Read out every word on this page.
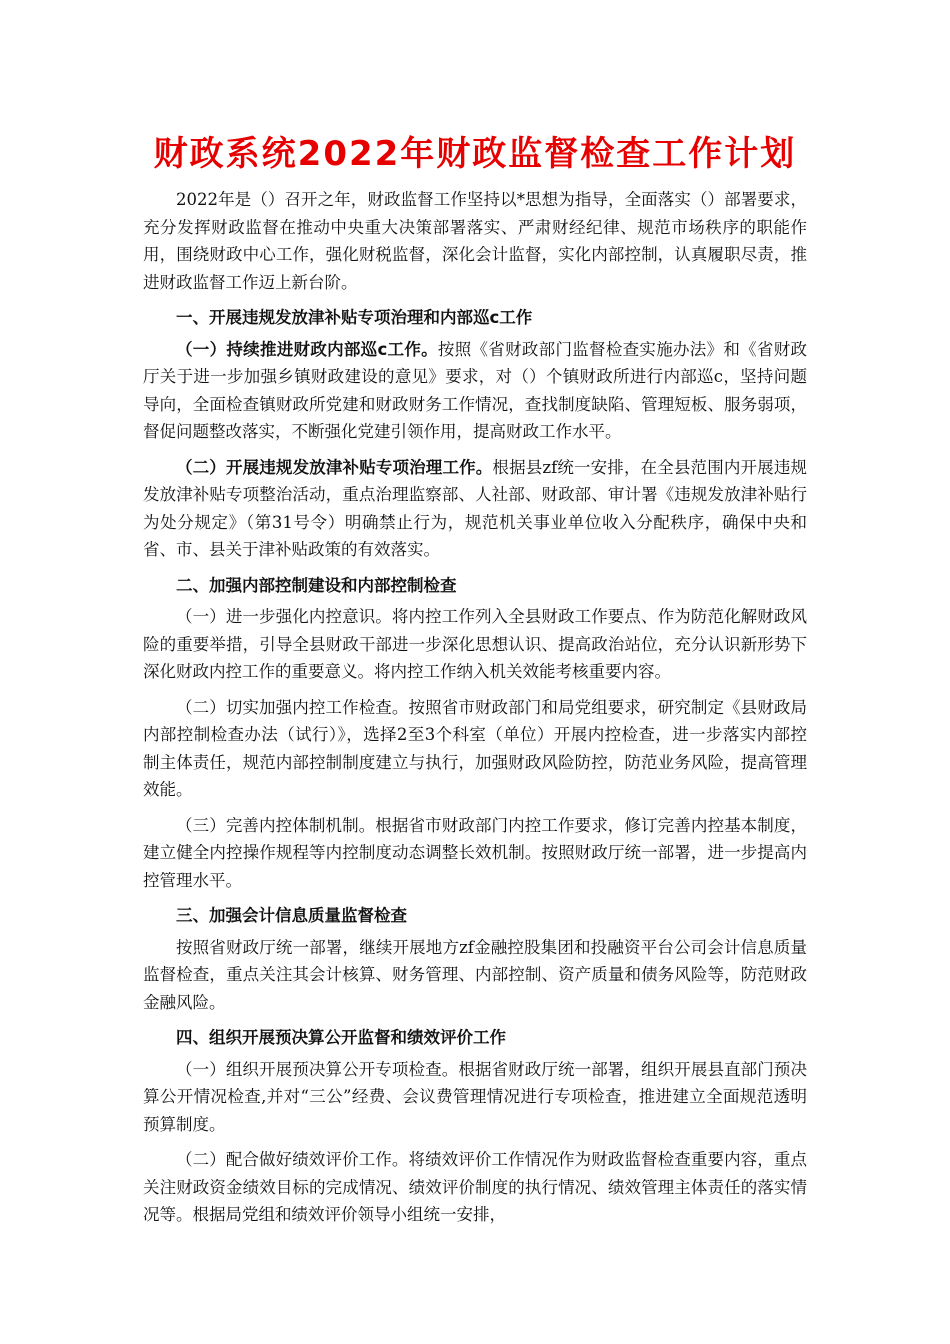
财政系统2022年财政监督检查工作计划

2022年是（）召开之年，财政监督工作坚持以*思想为指导，全面落实（）部署要求，充分发挥财政监督在推动中央重大决策部署落实、严肃财经纪律、规范市场秩序的职能作用，围绕财政中心工作，强化财税监督，深化会计监督，实化内部控制，认真履职尽责，推进财政监督工作迈上新台阶。

一、开展违规发放津补贴专项治理和内部巡c工作

（一）持续推进财政内部巡c工作。按照《省财政部门监督检查实施办法》和《省财政厅关于进一步加强乡镇财政建设的意见》要求，对（）个镇财政所进行内部巡c，坚持问题导向，全面检查镇财政所党建和财政财务工作情况，查找制度缺陷、管理短板、服务弱项，督促问题整改落实，不断强化党建引领作用，提高财政工作水平。

（二）开展违规发放津补贴专项治理工作。根据县zf统一安排，在全县范围内开展违规发放津补贴专项整治活动，重点治理监察部、人社部、财政部、审计署《违规发放津补贴行为处分规定》（第31号令）明确禁止行为，规范机关事业单位收入分配秩序，确保中央和省、市、县关于津补贴政策的有效落实。

二、加强内部控制建设和内部控制检查

（一）进一步强化内控意识。将内控工作列入全县财政工作要点、作为防范化解财政风险的重要举措，引导全县财政干部进一步深化思想认识、提高政治站位，充分认识新形势下深化财政内控工作的重要意义。将内控工作纳入机关效能考核重要内容。

（二）切实加强内控工作检查。按照省市财政部门和局党组要求，研究制定《县财政局内部控制检查办法（试行）》，选择2至3个科室（单位）开展内控检查，进一步落实内部控制主体责任，规范内部控制制度建立与执行，加强财政风险防控，防范业务风险，提高管理效能。

（三）完善内控体制机制。根据省市财政部门内控工作要求，修订完善内控基本制度，建立健全内控操作规程等内控制度动态调整长效机制。按照财政厅统一部署，进一步提高内控管理水平。

三、加强会计信息质量监督检查

按照省财政厅统一部署，继续开展地方zf金融控股集团和投融资平台公司会计信息质量监督检查，重点关注其会计核算、财务管理、内部控制、资产质量和债务风险等，防范财政金融风险。

四、组织开展预决算公开监督和绩效评价工作

（一）组织开展预决算公开专项检查。根据省财政厅统一部署，组织开展县直部门预决算公开情况检查,并对“三公”经费、会议费管理情况进行专项检查，推进建立全面规范透明预算制度。

（二）配合做好绩效评价工作。将绩效评价工作情况作为财政监督检查重要内容，重点关注财政资金绩效目标的完成情况、绩效评价制度的执行情况、绩效管理主体责任的落实情况等。根据局党组和绩效评价领导小组统一安排，
